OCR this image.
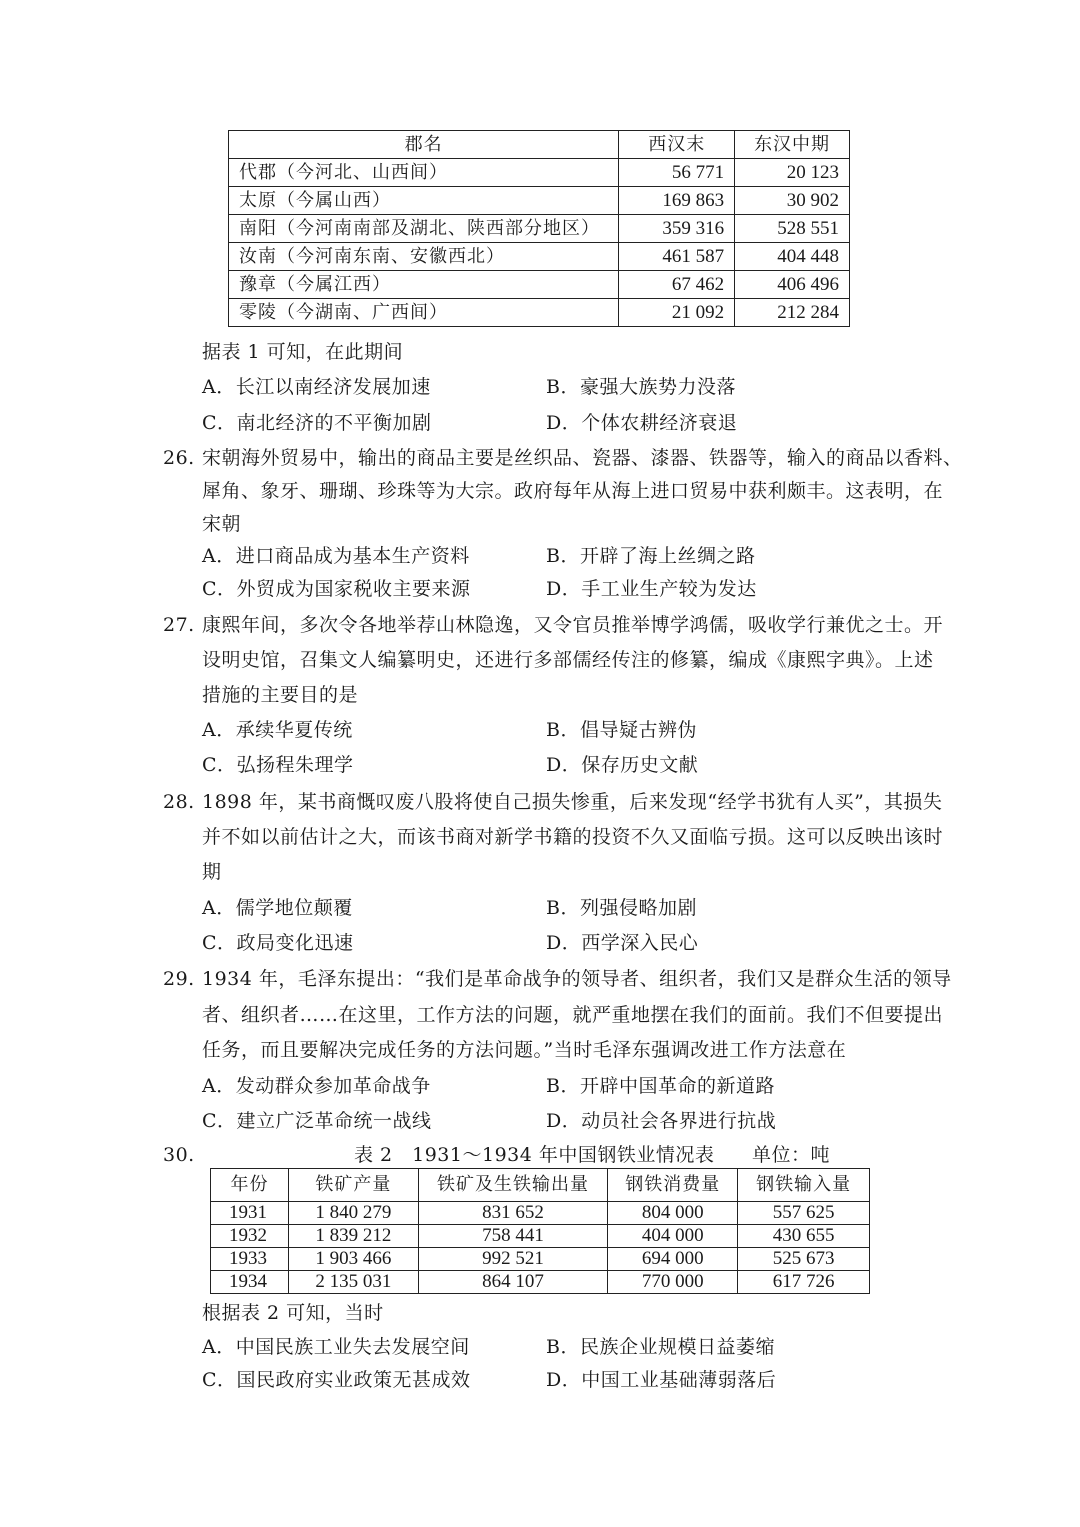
郡名	西汉末	东汉中期
代郡（今河北、山西间）	56 771	20 123
太原（今属山西）	169 863	30 902
南阳（今河南南部及湖北、陕西部分地区）	359 316	528 551
汝南（今河南东南、安徽西北）	461 587	404 448
豫章（今属江西）	67 462	406 496
零陵（今湖南、广西间）	21 092	212 284
据表 1 可知，在此期间
A．长江以南经济发展加速	B．豪强大族势力没落
C．南北经济的不平衡加剧	D．个体农耕经济衰退
26. 宋朝海外贸易中，输出的商品主要是丝织品、瓷器、漆器、铁器等，输入的商品以香料、
犀角、象牙、珊瑚、珍珠等为大宗。政府每年从海上进口贸易中获利颇丰。这表明，在
宋朝
A．进口商品成为基本生产资料	B．开辟了海上丝绸之路
C．外贸成为国家税收主要来源	D．手工业生产较为发达
27. 康熙年间，多次令各地举荐山林隐逸，又令官员推举博学鸿儒，吸收学行兼优之士。开
设明史馆，召集文人编纂明史，还进行多部儒经传注的修纂，编成《康熙字典》。上述
措施的主要目的是
A．承续华夏传统	B．倡导疑古辨伪
C．弘扬程朱理学	D．保存历史文献
28. 1898 年，某书商慨叹废八股将使自己损失惨重，后来发现“经学书犹有人买”，其损失
并不如以前估计之大，而该书商对新学书籍的投资不久又面临亏损。这可以反映出该时
期
A．儒学地位颠覆	B．列强侵略加剧
C．政局变化迅速	D．西学深入民心
29. 1934 年，毛泽东提出：“我们是革命战争的领导者、组织者，我们又是群众生活的领导
者、组织者……在这里，工作方法的问题，就严重地摆在我们的面前。我们不但要提出
任务，而且要解决完成任务的方法问题。”当时毛泽东强调改进工作方法意在
A．发动群众参加革命战争	B．开辟中国革命的新道路
C．建立广泛革命统一战线	D．动员社会各界进行抗战
30.	表 2　1931～1934 年中国钢铁业情况表 单位：吨
年份	铁矿产量	铁矿及生铁输出量	钢铁消费量	钢铁输入量
1931	1 840 279	831 652	804 000	557 625
1932	1 839 212	758 441	404 000	430 655
1933	1 903 466	992 521	694 000	525 673
1934	2 135 031	864 107	770 000	617 726
根据表 2 可知，当时
A．中国民族工业失去发展空间	B．民族企业规模日益萎缩
C．国民政府实业政策无甚成效	D．中国工业基础薄弱落后
